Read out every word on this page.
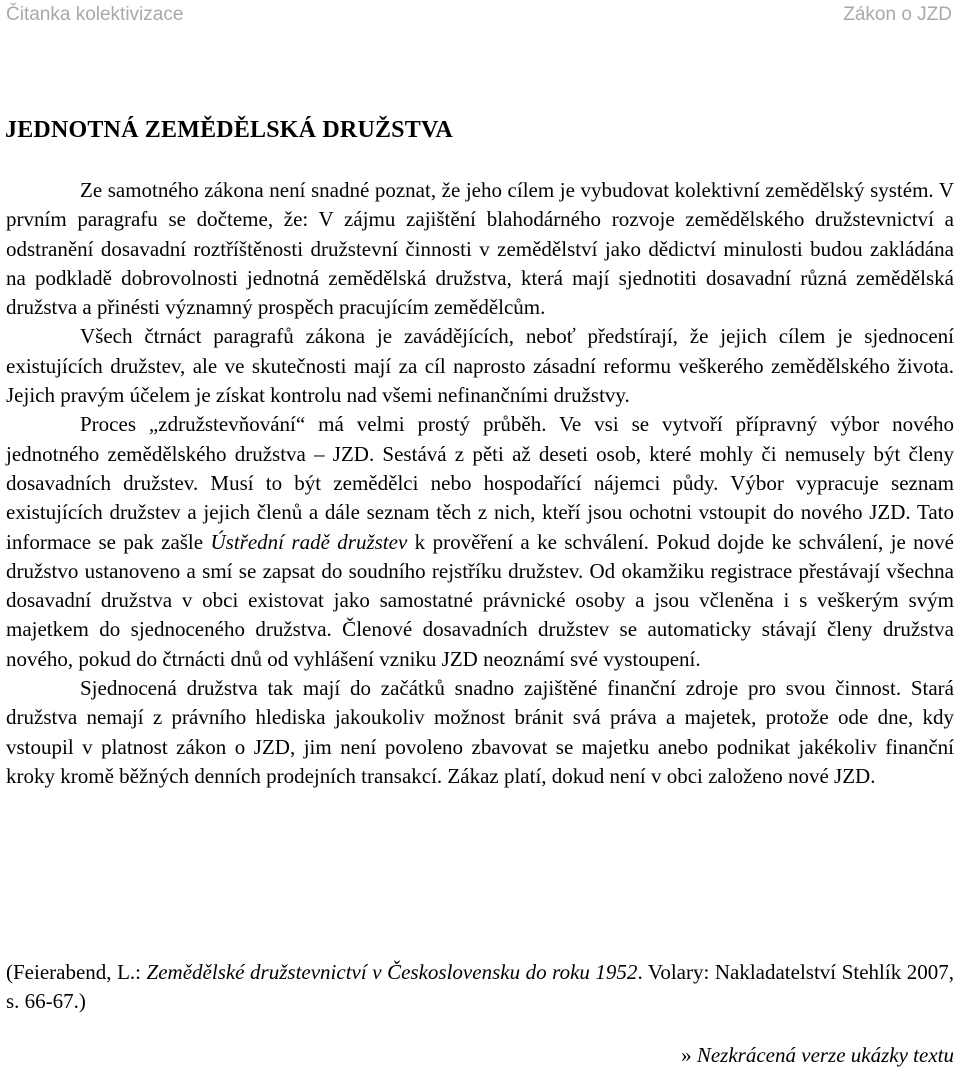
Čitanka kolektivizace	Zákon o JZD
JEDNOTNÁ ZEMĚDĚLSKÁ DRUŽSTVA

Ze samotného zákona není snadné poznat, že jeho cílem je vybudovat kolektivní zemědělský systém. V prvním paragrafu se dočteme, že: V zájmu zajištění blahodárného rozvoje zemědělského družstevnictví a odstranění dosavadní roztříštěnosti družstevní činnosti v zemědělství jako dědictví minulosti budou zakládána na podkladě dobrovolnosti jednotná zemědělská družstva, která mají sjednotiti dosavadní různá zemědělská družstva a přinésti významný prospěch pracujícím zemědělcům.

Všech čtrnáct paragrafů zákona je zavádějících, neboť předstírají, že jejich cílem je sjednocení existujících družstev, ale ve skutečnosti mají za cíl naprosto zásadní reformu veškerého zemědělského života. Jejich pravým účelem je získat kontrolu nad všemi nefinančními družstvy.

Proces „združstevňování“ má velmi prostý průběh. Ve vsi se vytvoří přípravný výbor nového jednotného zemědělského družstva – JZD. Sestává z pěti až deseti osob, které mohly či nemusely být členy dosavadních družstev. Musí to být zemědělci nebo hospodařící nájemci půdy. Výbor vypracuje seznam existujících družstev a jejich členů a dále seznam těch z nich, kteří jsou ochotni vstoupit do nového JZD. Tato informace se pak zašle Ústřední radě družstev k prověření a ke schválení. Pokud dojde ke schválení, je nové družstvo ustanoveno a smí se zapsat do soudního rejstříku družstev. Od okamžiku registrace přestávají všechna dosavadní družstva v obci existovat jako samostatné právnické osoby a jsou včleněna i s veškerým svým majetkem do sjednoceného družstva. Členové dosavadních družstev se automaticky stávají členy družstva nového, pokud do čtrnácti dnů od vyhlášení vzniku JZD neoznámí své vystoupení.

Sjednocená družstva tak mají do začátků snadno zajištěné finanční zdroje pro svou činnost. Stará družstva nemají z právního hlediska jakoukoliv možnost bránit svá práva a majetek, protože ode dne, kdy vstoupil v platnost zákon o JZD, jim není povoleno zbavovat se majetku anebo podnikat jakékoliv finanční kroky kromě běžných denních prodejních transakcí. Zákaz platí, dokud není v obci založeno nové JZD.

(Feierabend, L.: Zemědělské družstevnictví v Československu do roku 1952. Volary: Nakladatelství Stehlík 2007, s. 66-67.)
» Nezkrácená verze ukázky textu
